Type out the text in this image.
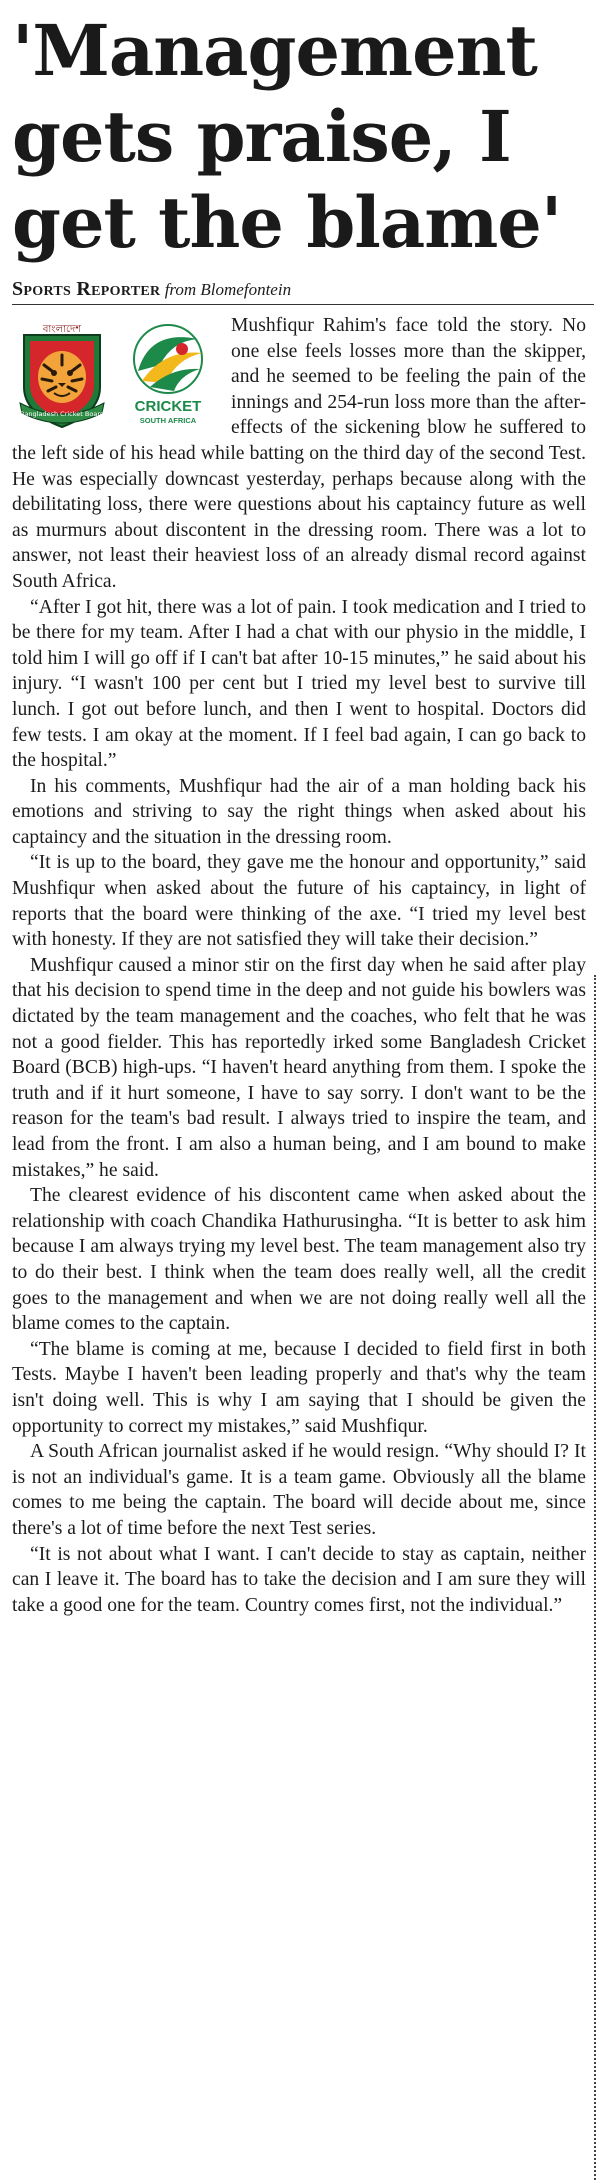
'Management gets praise, I get the blame'
Sports Reporter from Blomefontein
বাংলাদেশ
Bangladesh Cricket Board CRICKET
SOUTH AFRICA

Mushfiqur Rahim's face told the story. No one else feels losses more than the skipper, and he seemed to be feeling the pain of the innings and 254-run loss more than the after-effects of the sickening blow he suffered to the left side of his head while batting on the third day of the second Test. He was especially downcast yesterday, perhaps because along with the debilitating loss, there were questions about his captaincy future as well as murmurs about discontent in the dressing room. There was a lot to answer, not least their heaviest loss of an already dismal record against South Africa.

“After I got hit, there was a lot of pain. I took medication and I tried to be there for my team. After I had a chat with our physio in the middle, I told him I will go off if I can't bat after 10-15 minutes,” he said about his injury. “I wasn't 100 per cent but I tried my level best to survive till lunch. I got out before lunch, and then I went to hospital. Doctors did few tests. I am okay at the moment. If I feel bad again, I can go back to the hospital.”

In his comments, Mushfiqur had the air of a man holding back his emotions and striving to say the right things when asked about his captaincy and the situation in the dressing room.

“It is up to the board, they gave me the honour and opportunity,” said Mushfiqur when asked about the future of his captaincy, in light of reports that the board were thinking of the axe. “I tried my level best with honesty. If they are not satisfied they will take their decision.”

Mushfiqur caused a minor stir on the first day when he said after play that his decision to spend time in the deep and not guide his bowlers was dictated by the team management and the coaches, who felt that he was not a good fielder. This has reportedly irked some Bangladesh Cricket Board (BCB) high-ups. “I haven't heard anything from them. I spoke the truth and if it hurt someone, I have to say sorry. I don't want to be the reason for the team's bad result. I always tried to inspire the team, and lead from the front. I am also a human being, and I am bound to make mistakes,” he said.

The clearest evidence of his discontent came when asked about the relationship with coach Chandika Hathurusingha. “It is better to ask him because I am always trying my level best. The team management also try to do their best. I think when the team does really well, all the credit goes to the management and when we are not doing really well all the blame comes to the captain.

“The blame is coming at me, because I decided to field first in both Tests. Maybe I haven't been leading properly and that's why the team isn't doing well. This is why I am saying that I should be given the opportunity to correct my mistakes,” said Mushfiqur.

A South African journalist asked if he would resign. “Why should I? It is not an individual's game. It is a team game. Obviously all the blame comes to me being the captain. The board will decide about me, since there's a lot of time before the next Test series.

“It is not about what I want. I can't decide to stay as captain, neither can I leave it. The board has to take the decision and I am sure they will take a good one for the team. Country comes first, not the individual.”
